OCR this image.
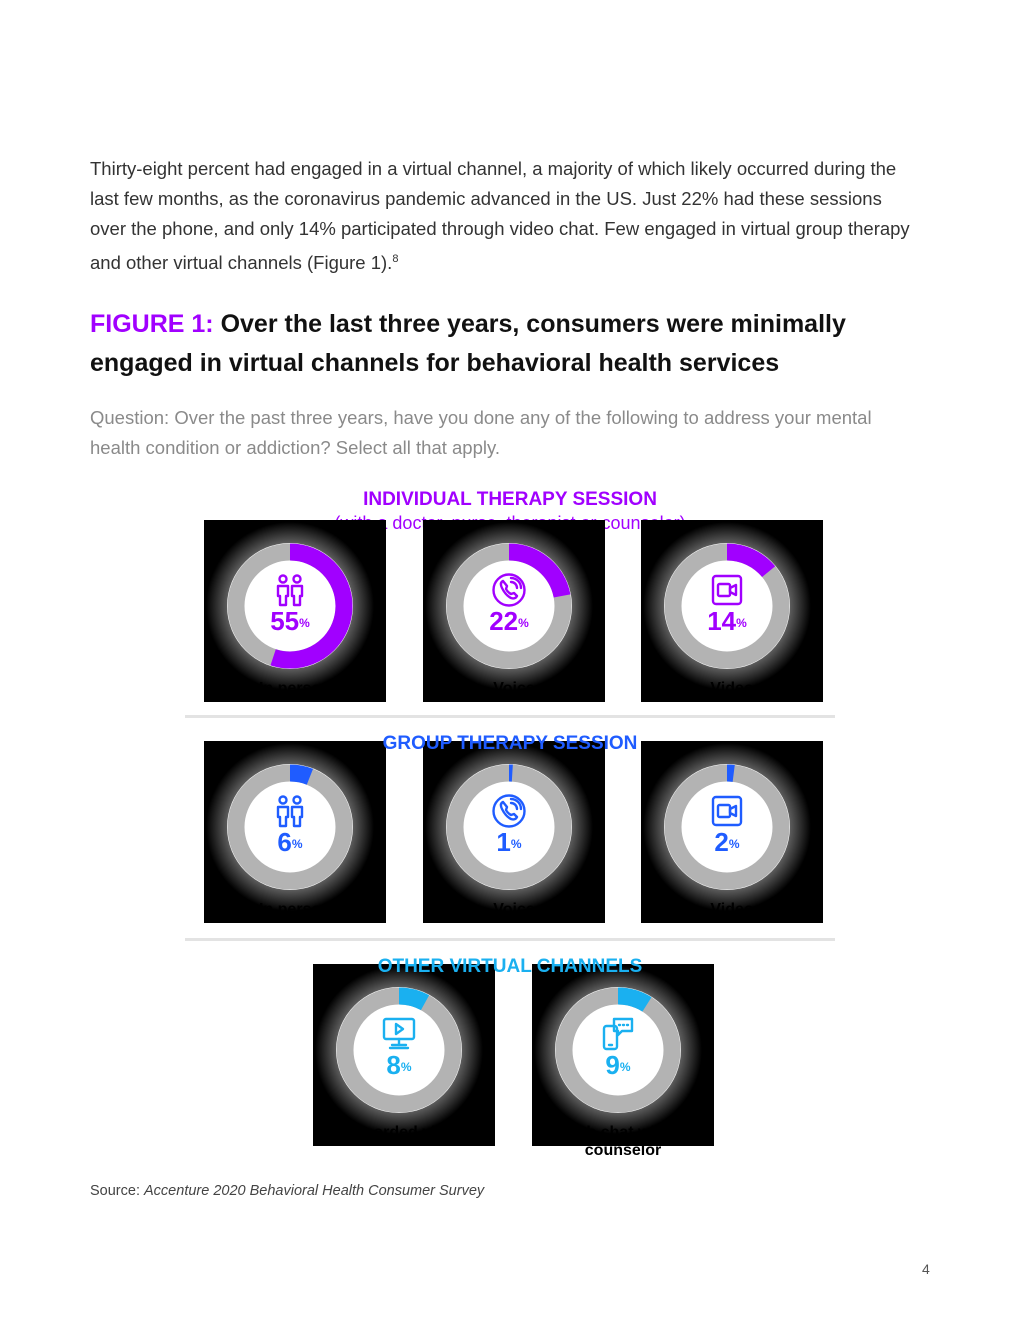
Thirty-eight percent had engaged in a virtual channel, a majority of which likely occurred during the last few months, as the coronavirus pandemic advanced in the US. Just 22% had these sessions over the phone, and only 14% participated through video chat. Few engaged in virtual group therapy and other virtual channels (Figure 1).$^8$

FIGURE 1: Over the last three years, consumers were minimally engaged in virtual channels for behavioral health services

Question: Over the past three years, have you done any of the following to address your mental health condition or addiction? Select all that apply.

doctor,
55%
In person
22%
Voice
14%
Video
INDIVIDUAL THERAPY SESSION
6%
In person
1%
Voice
2%
Video
GROUP THERAPY SESSION
8%
Recorded video
9%
Web chat with a counselor
OTHER VIRTUAL CHANNELS

Source: Accenture 2020 Behavioral Health Consumer Survey

4
